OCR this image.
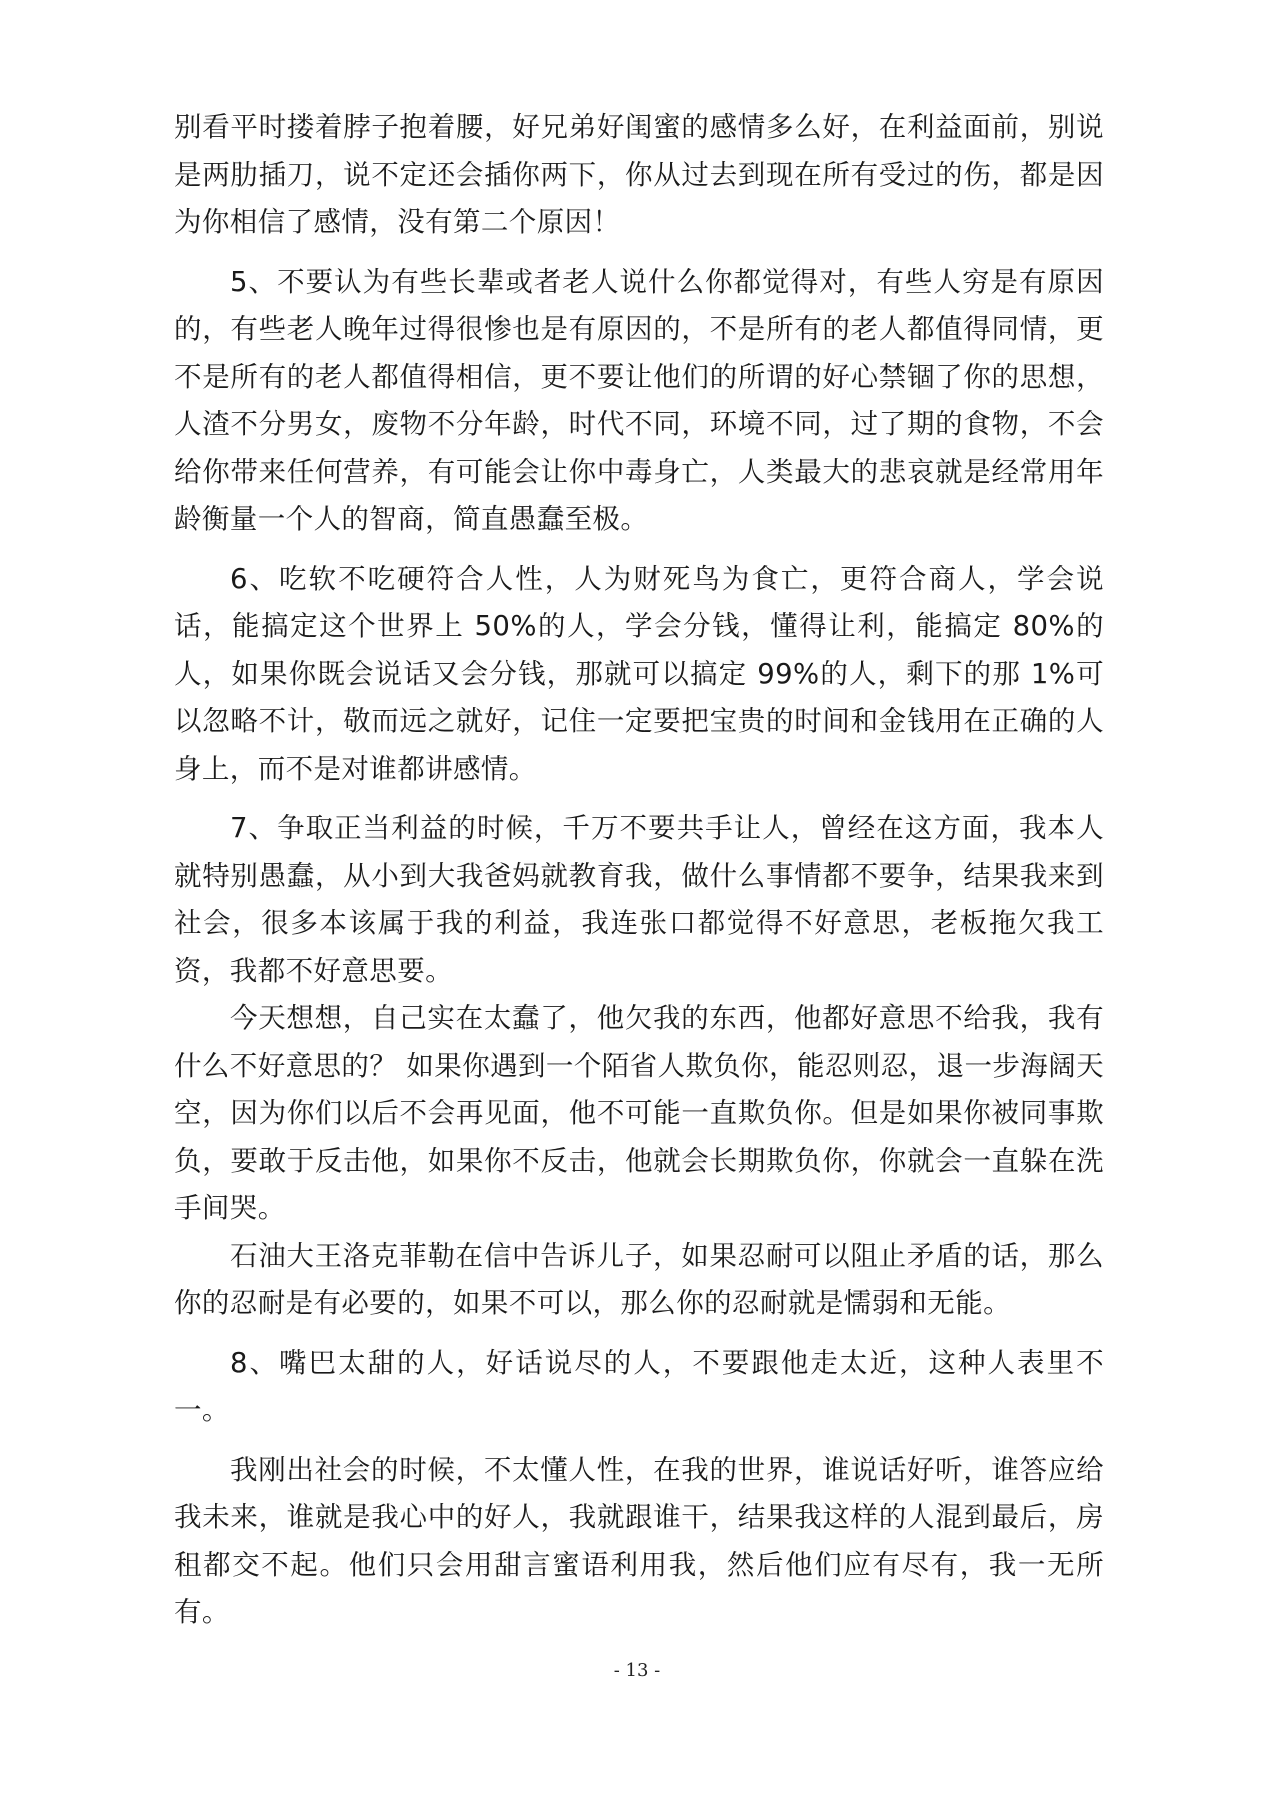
别看平时搂着脖子抱着腰，好兄弟好闺蜜的感情多么好，在利益面前，别说是两肋插刀，说不定还会插你两下，你从过去到现在所有受过的伤，都是因为你相信了感情，没有第二个原因！

5、不要认为有些长辈或者老人说什么你都觉得对，有些人穷是有原因的，有些老人晚年过得很惨也是有原因的，不是所有的老人都值得同情，更不是所有的老人都值得相信，更不要让他们的所谓的好心禁锢了你的思想，人渣不分男女，废物不分年龄，时代不同，环境不同，过了期的食物，不会给你带来任何营养，有可能会让你中毒身亡，人类最大的悲哀就是经常用年龄衡量一个人的智商，简直愚蠢至极。

6、吃软不吃硬符合人性，人为财死鸟为食亡，更符合商人，学会说话，能搞定这个世界上 50%的人，学会分钱，懂得让利，能搞定 80%的人，如果你既会说话又会分钱，那就可以搞定 99%的人，剩下的那 1%可以忽略不计，敬而远之就好，记住一定要把宝贵的时间和金钱用在正确的人身上，而不是对谁都讲感情。

7、争取正当利益的时候，千万不要共手让人，曾经在这方面，我本人就特别愚蠢，从小到大我爸妈就教育我，做什么事情都不要争，结果我来到社会，很多本该属于我的利益，我连张口都觉得不好意思，老板拖欠我工资，我都不好意思要。

今天想想，自己实在太蠢了，他欠我的东西，他都好意思不给我，我有什么不好意思的？ 如果你遇到一个陌省人欺负你，能忍则忍，退一步海阔天空，因为你们以后不会再见面，他不可能一直欺负你。但是如果你被同事欺负，要敢于反击他，如果你不反击，他就会长期欺负你，你就会一直躲在洗手间哭。

石油大王洛克菲勒在信中告诉儿子，如果忍耐可以阻止矛盾的话，那么你的忍耐是有必要的，如果不可以，那么你的忍耐就是懦弱和无能。

8、嘴巴太甜的人，好话说尽的人，不要跟他走太近，这种人表里不一。

我刚出社会的时候，不太懂人性，在我的世界，谁说话好听，谁答应给我未来，谁就是我心中的好人，我就跟谁干，结果我这样的人混到最后，房租都交不起。他们只会用甜言蜜语利用我，然后他们应有尽有，我一无所有。

- 13 -
